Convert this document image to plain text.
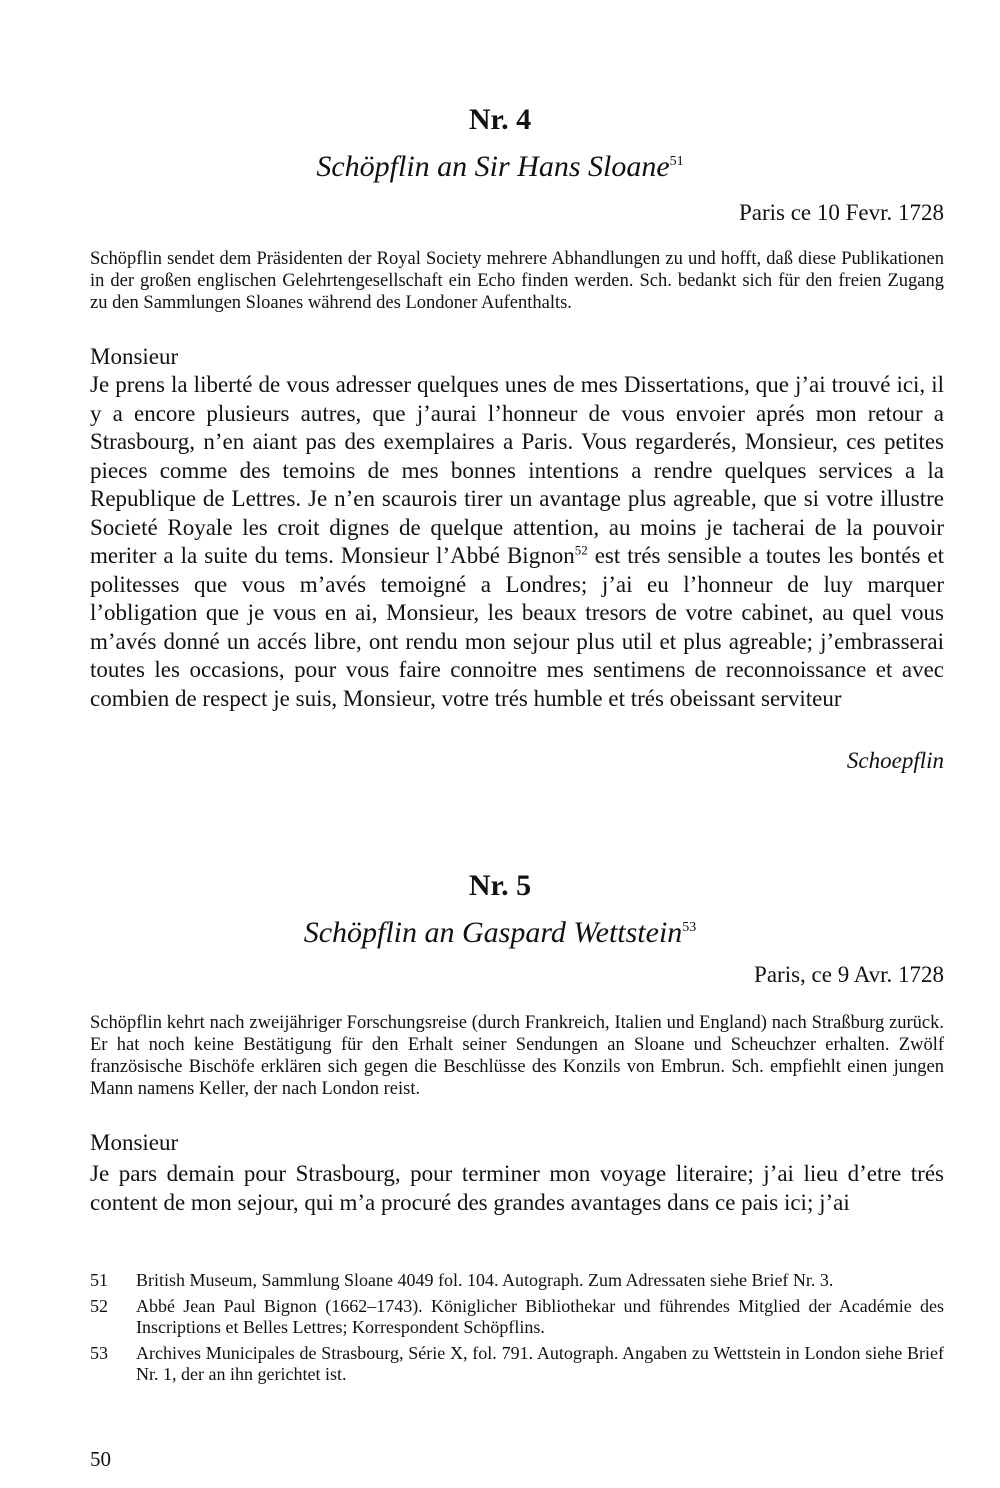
Nr. 4
Schöpflin an Sir Hans Sloane$^{51}$
Paris ce 10 Fevr. 1728
Schöpflin sendet dem Präsidenten der Royal Society mehrere Abhandlungen zu und hofft, daß diese Publikationen in der großen englischen Gelehrtengesellschaft ein Echo finden werden. Sch. bedankt sich für den freien Zugang zu den Sammlungen Sloanes während des Londoner Aufenthalts.
Monsieur
Je prens la liberté de vous adresser quelques unes de mes Dissertations, que j’ai trouvé ici, il y a encore plusieurs autres, que j’aurai l’honneur de vous envoier aprés mon retour a Strasbourg, n’en aiant pas des exemplaires a Paris. Vous regarderés, Monsieur, ces petites pieces comme des temoins de mes bonnes intentions a rendre quelques services a la Republique de Lettres. Je n’en scaurois tirer un avantage plus agreable, que si votre illustre Societé Royale les croit dignes de quelque attention, au moins je tacherai de la pouvoir meriter a la suite du tems. Monsieur l’Abbé Bignon$^{52}$ est trés sensible a toutes les bontés et politesses que vous m’avés temoigné a Londres; j’ai eu l’honneur de luy marquer l’obligation que je vous en ai, Monsieur, les beaux tresors de votre cabinet, au quel vous m’avés donné un accés libre, ont rendu mon sejour plus util et plus agreable; j’embrasserai toutes les occasions, pour vous faire connoitre mes sentimens de reconnoissance et avec combien de respect je suis, Monsieur, votre trés humble et trés obeissant serviteur
Schoepflin
Nr. 5
Schöpflin an Gaspard Wettstein$^{53}$
Paris, ce 9 Avr. 1728
Schöpflin kehrt nach zweijähriger Forschungsreise (durch Frankreich, Italien und England) nach Straßburg zurück. Er hat noch keine Bestätigung für den Erhalt seiner Sendungen an Sloane und Scheuchzer erhalten. Zwölf französische Bischöfe erklären sich gegen die Beschlüsse des Konzils von Embrun. Sch. empfiehlt einen jungen Mann namens Keller, der nach London reist.
Monsieur
Je pars demain pour Strasbourg, pour terminer mon voyage literaire; j’ai lieu d’etre trés content de mon sejour, qui m’a procuré des grandes avantages dans ce pais ici; j’ai
51	British Museum, Sammlung Sloane 4049 fol. 104. Autograph. Zum Adressaten siehe Brief Nr. 3.
52	Abbé Jean Paul Bignon (1662–1743). Königlicher Bibliothekar und führendes Mitglied der Académie des Inscriptions et Belles Lettres; Korrespondent Schöpflins.
53	Archives Municipales de Strasbourg, Série X, fol. 791. Autograph. Angaben zu Wettstein in London siehe Brief Nr. 1, der an ihn gerichtet ist.
50
